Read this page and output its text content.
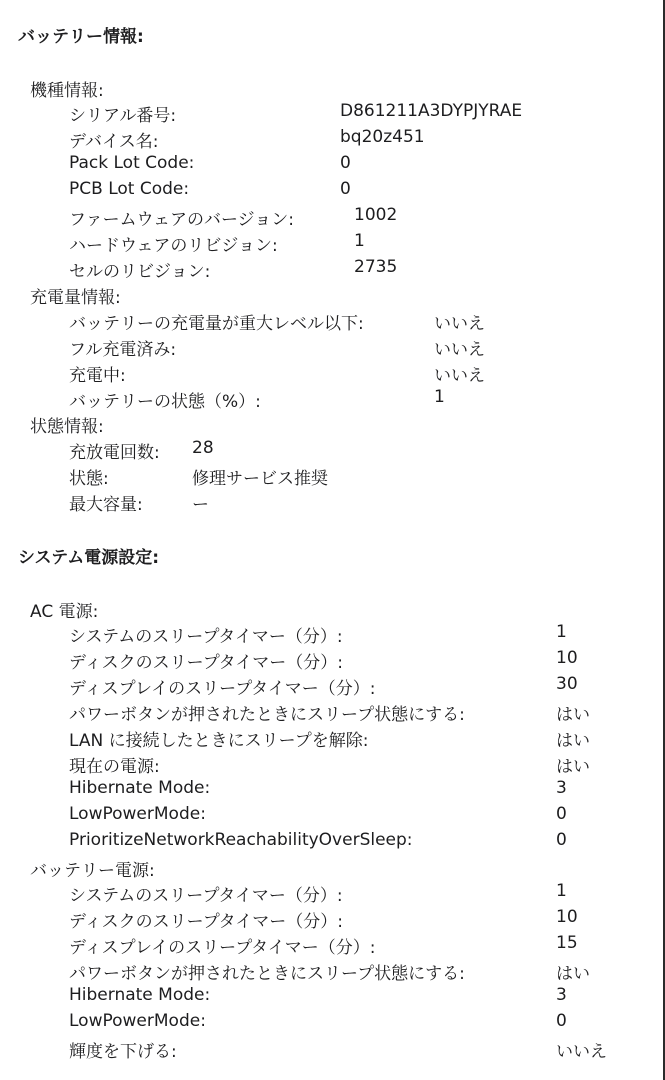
バッテリー情報:
機種情報:
シリアル番号:	D861211A3DYPJYRAE
デバイス名:	bq20z451
Pack Lot Code:	0
PCB Lot Code:	0
ファームウェアのバージョン:	1002
ハードウェアのリビジョン:	1
セルのリビジョン:	2735
充電量情報:
バッテリーの充電量が重大レベル以下:	いいえ
フル充電済み:	いいえ
充電中:	いいえ
バッテリーの状態（%）:	1
状態情報:
充放電回数: 28
状態:	修理サービス推奨
最大容量:	ー
システム電源設定:
AC 電源:
システムのスリープタイマー（分）:	1
ディスクのスリープタイマー（分）:	10
ディスプレイのスリープタイマー（分）:	30
パワーボタンが押されたときにスリープ状態にする:	はい
LAN に接続したときにスリープを解除:	はい
現在の電源:	はい
Hibernate Mode:	3
LowPowerMode:	0
PrioritizeNetworkReachabilityOverSleep:	0
バッテリー電源:
システムのスリープタイマー（分）:	1
ディスクのスリープタイマー（分）:	10
ディスプレイのスリープタイマー（分）:	15
パワーボタンが押されたときにスリープ状態にする:	はい
Hibernate Mode:	3
LowPowerMode:	0
輝度を下げる:	いいえ
